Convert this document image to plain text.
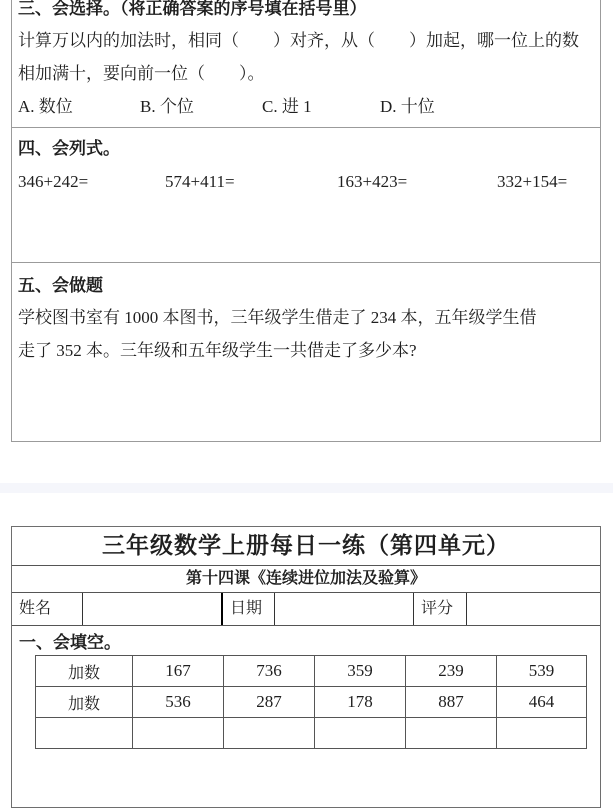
三、会选择。（将正确答案的序号填在括号里）
计算万以内的加法时，相同（　　）对齐，从（　　）加起，哪一位上的数
相加满十，要向前一位（　　）。
A. 数位	B. 个位	C. 进 1	D. 十位
四、会列式。
346+242=	574+411=	163+423=	332+154=
五、会做题
学校图书室有 1000 本图书，三年级学生借走了 234 本，五年级学生借
走了 352 本。三年级和五年级学生一共借走了多少本?
三年级数学上册每日一练（第四单元）
第十四课《连续进位加法及验算》
姓名	日期	评分
一、会填空。
加数	167	736	359	239	539
加数	536	287	178	887	464
